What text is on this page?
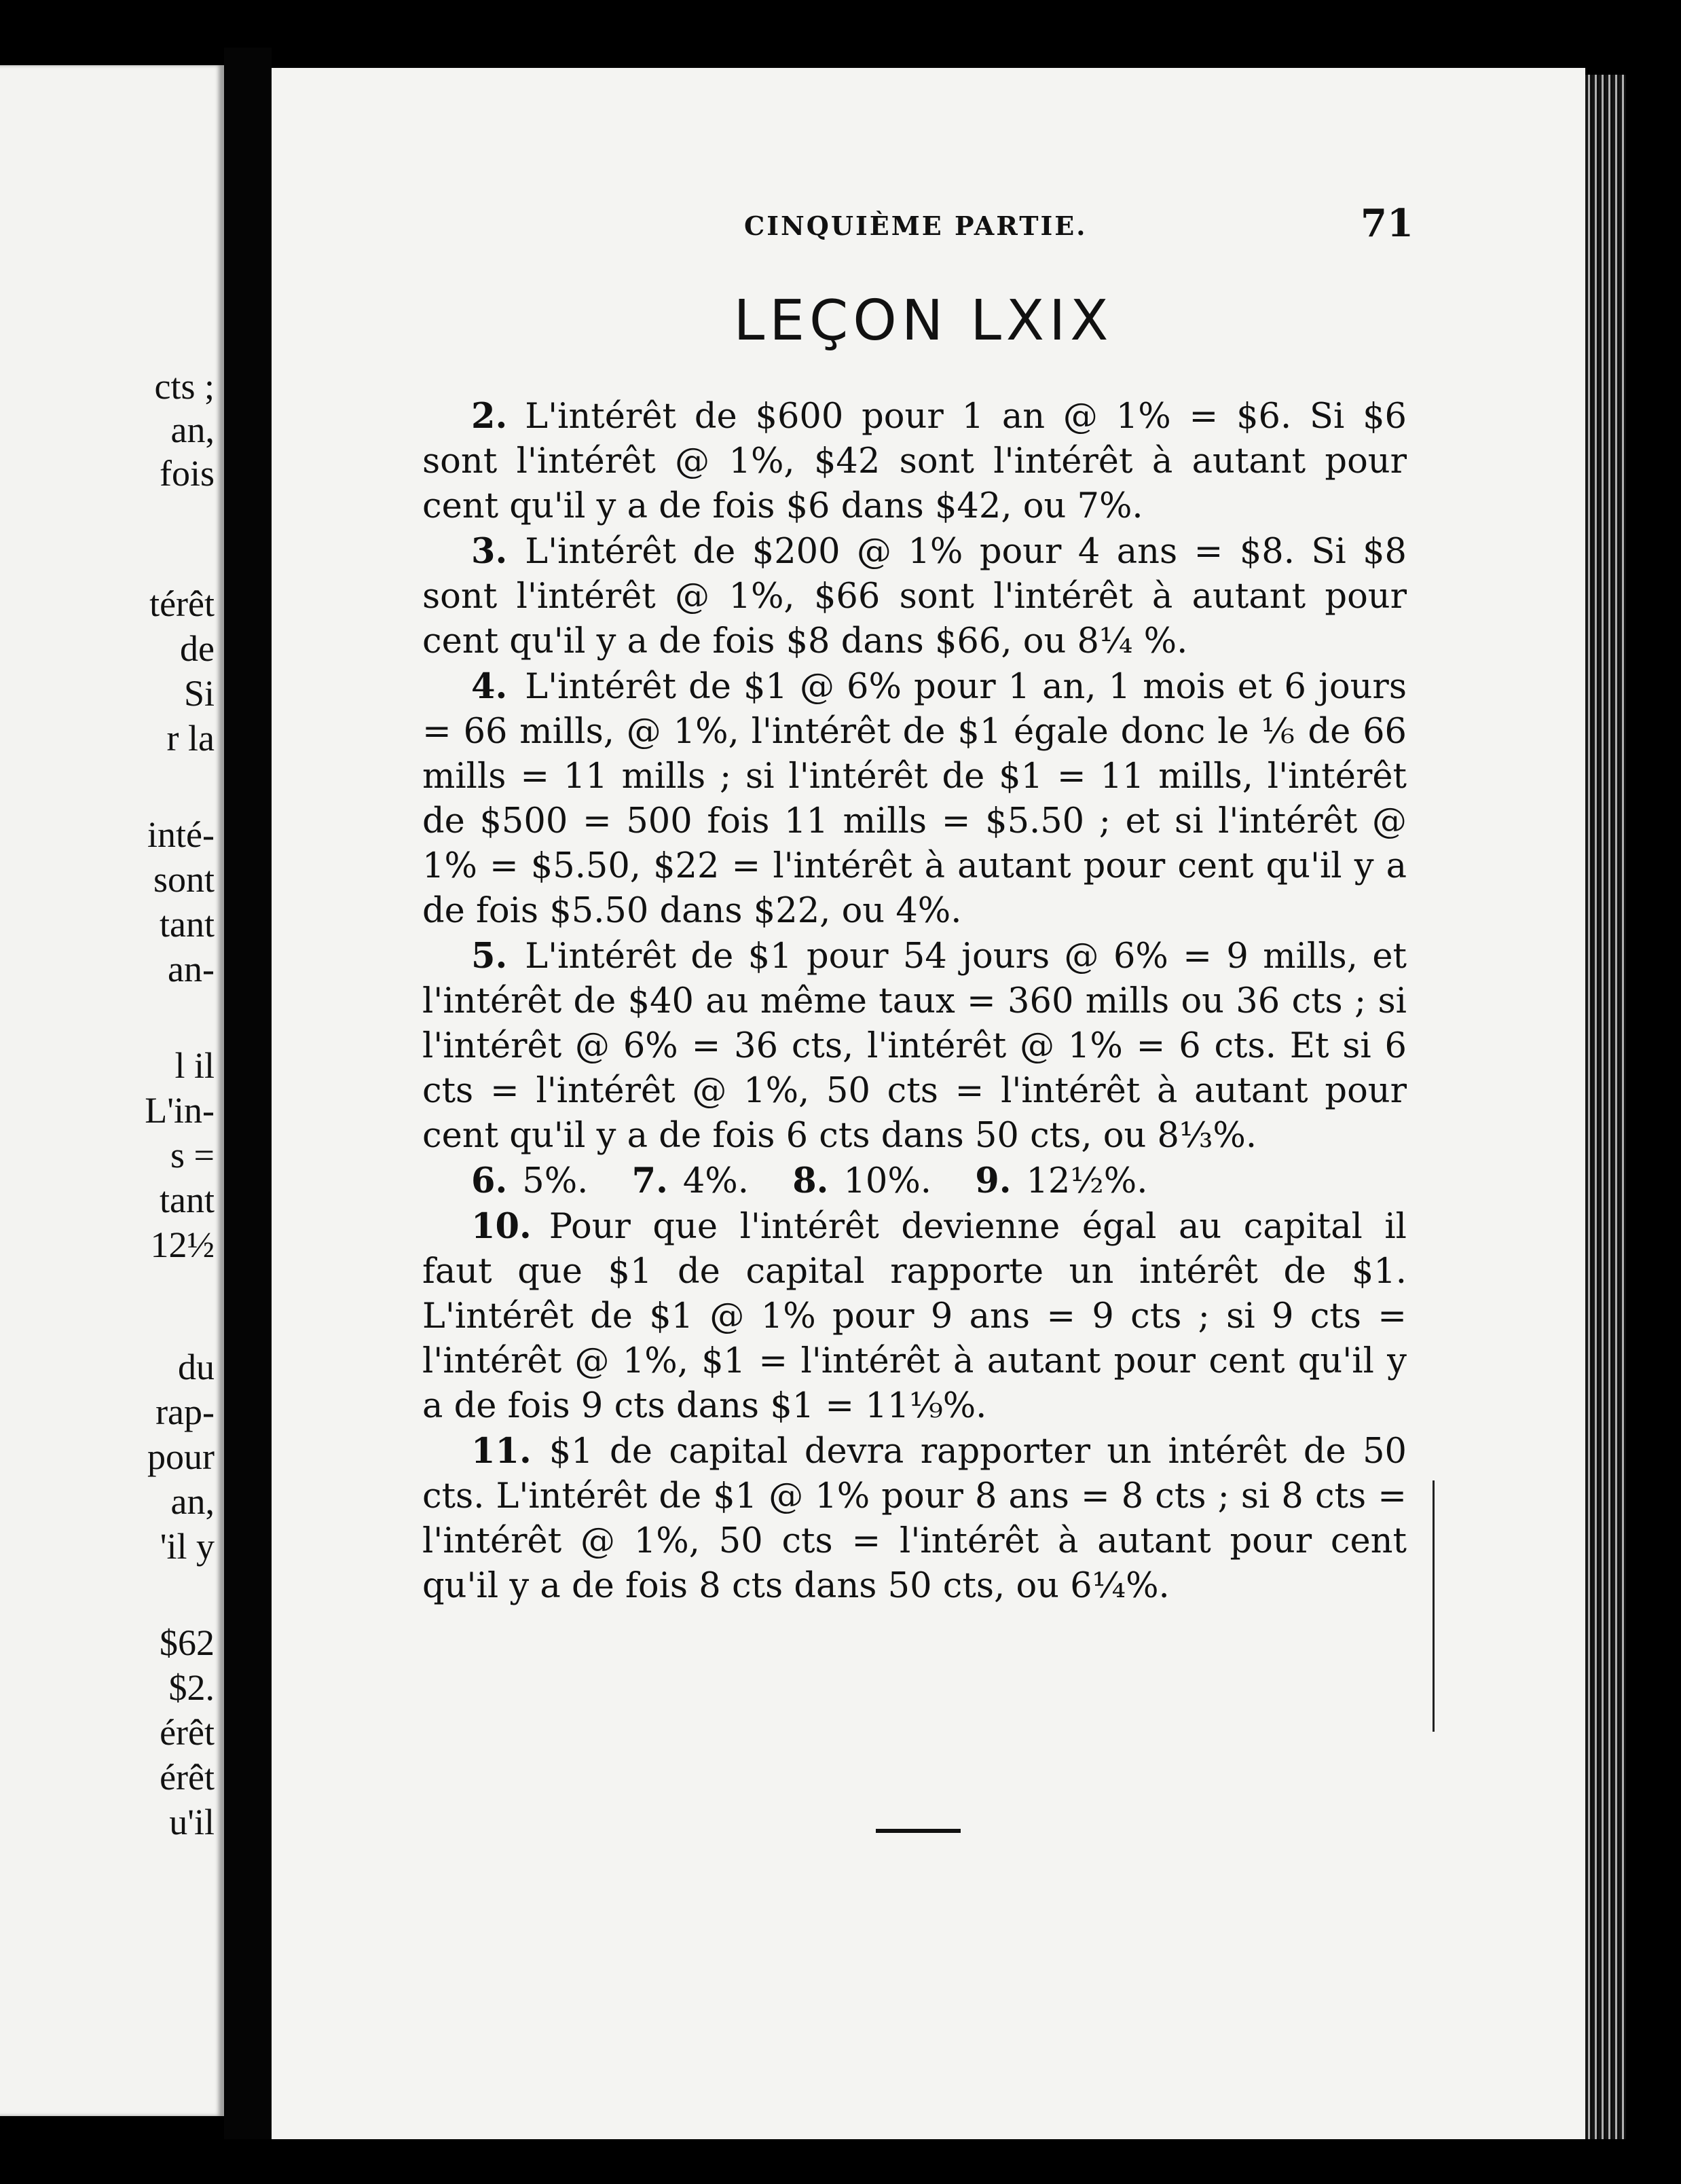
cts ;
an,
fois
térêt
de
Si
r la
inté-
sont
tant
an-
l il
L'in-
s =
tant
12½
du
rap-
pour
an,
'il y
$62
$2.
érêt
érêt
u'il
CINQUIÈME PARTIE.	71
LEÇON LXIX

2. L'intérêt de $600 pour 1 an @ 1% = $6. Si $6 sont l'intérêt @ 1%, $42 sont l'intérêt à autant pour cent qu'il y a de fois $6 dans $42, ou 7%.

3. L'intérêt de $200 @ 1% pour 4 ans = $8. Si $8 sont l'intérêt @ 1%, $66 sont l'intérêt à autant pour cent qu'il y a de fois $8 dans $66, ou 8¼ %.

4. L'intérêt de $1 @ 6% pour 1 an, 1 mois et 6 jours = 66 mills, @ 1%, l'intérêt de $1 égale donc le ⅙ de 66 mills = 11 mills ; si l'intérêt de $1 = 11 mills, l'intérêt de $500 = 500 fois 11 mills = $5.50 ; et si l'intérêt @ 1% = $5.50, $22 = l'intérêt à autant pour cent qu'il y a de fois $5.50 dans $22, ou 4%.

5. L'intérêt de $1 pour 54 jours @ 6% = 9 mills, et l'intérêt de $40 au même taux = 360 mills ou 36 cts ; si l'intérêt @ 6% = 36 cts, l'intérêt @ 1% = 6 cts. Et si 6 cts = l'intérêt @ 1%, 50 cts = l'intérêt à autant pour cent qu'il y a de fois 6 cts dans 50 cts, ou 8⅓%.

6. 5%. 7. 4%. 8. 10%. 9. 12½%.

10. Pour que l'intérêt devienne égal au capital il faut que $1 de capital rapporte un intérêt de $1. L'intérêt de $1 @ 1% pour 9 ans = 9 cts ; si 9 cts = l'intérêt @ 1%, $1 = l'intérêt à autant pour cent qu'il y a de fois 9 cts dans $1 = 11⅑%.

11. $1 de capital devra rapporter un intérêt de 50 cts. L'intérêt de $1 @ 1% pour 8 ans = 8 cts ; si 8 cts = l'intérêt @ 1%, 50 cts = l'intérêt à autant pour cent qu'il y a de fois 8 cts dans 50 cts, ou 6¼%.
